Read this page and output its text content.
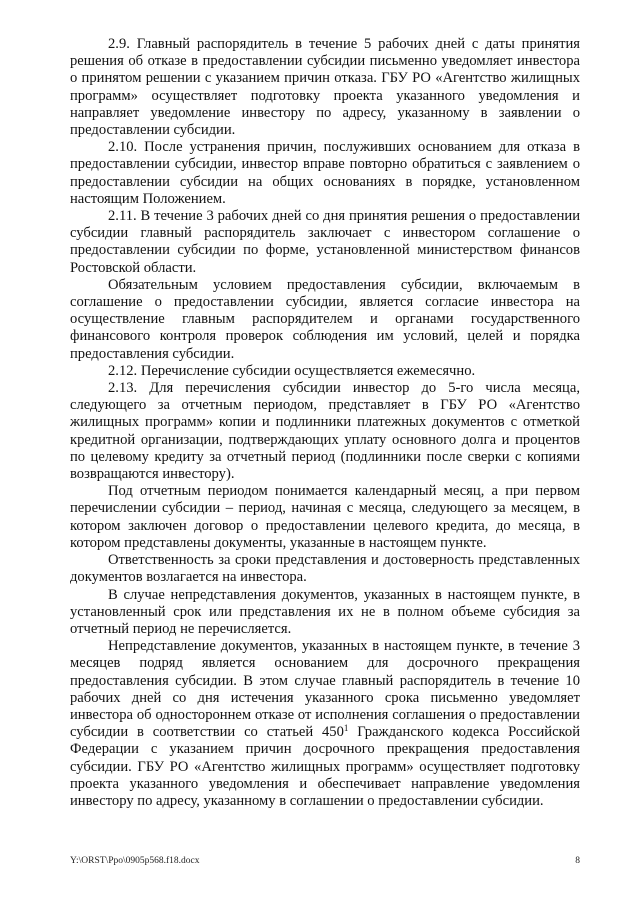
2.9. Главный распорядитель в течение 5 рабочих дней с даты принятия решения об отказе в предоставлении субсидии письменно уведомляет инвестора о принятом решении с указанием причин отказа. ГБУ РО «Агентство жилищных программ» осуществляет подготовку проекта указанного уведомления и направляет уведомление инвестору по адресу, указанному в заявлении о предоставлении субсидии.

2.10. После устранения причин, послуживших основанием для отказа в предоставлении субсидии, инвестор вправе повторно обратиться с заявлением о предоставлении субсидии на общих основаниях в порядке, установленном настоящим Положением.

2.11. В течение 3 рабочих дней со дня принятия решения о предоставлении субсидии главный распорядитель заключает с инвестором соглашение о предоставлении субсидии по форме, установленной министерством финансов Ростовской области.

Обязательным условием предоставления субсидии, включаемым в соглашение о предоставлении субсидии, является согласие инвестора на осуществление главным распорядителем и органами государственного финансового контроля проверок соблюдения им условий, целей и порядка предоставления субсидии.

2.12. Перечисление субсидии осуществляется ежемесячно.

2.13. Для перечисления субсидии инвестор до 5-го числа месяца, следующего за отчетным периодом, представляет в ГБУ РО «Агентство жилищных программ» копии и подлинники платежных документов с отметкой кредитной организации, подтверждающих уплату основного долга и процентов по целевому кредиту за отчетный период (подлинники после сверки с копиями возвращаются инвестору).

Под отчетным периодом понимается календарный месяц, а при первом перечислении субсидии – период, начиная с месяца, следующего за месяцем, в котором заключен договор о предоставлении целевого кредита, до месяца, в котором представлены документы, указанные в настоящем пункте.

Ответственность за сроки представления и достоверность представленных документов возлагается на инвестора.

В случае непредставления документов, указанных в настоящем пункте, в установленный срок или представления их не в полном объеме субсидия за отчетный период не перечисляется.

Непредставление документов, указанных в настоящем пункте, в течение 3 месяцев подряд является основанием для досрочного прекращения предоставления субсидии. В этом случае главный распорядитель в течение 10 рабочих дней со дня истечения указанного срока письменно уведомляет инвестора об одностороннем отказе от исполнения соглашения о предоставлении субсидии в соответствии со статьей $450^1$ Гражданского кодекса Российской Федерации с указанием причин досрочного прекращения предоставления субсидии. ГБУ РО «Агентство жилищных программ» осуществляет подготовку проекта указанного уведомления и обеспечивает направление уведомления инвестору по адресу, указанному в соглашении о предоставлении субсидии.

Y:\ORST\Ppo\0905p568.f18.docx	8
